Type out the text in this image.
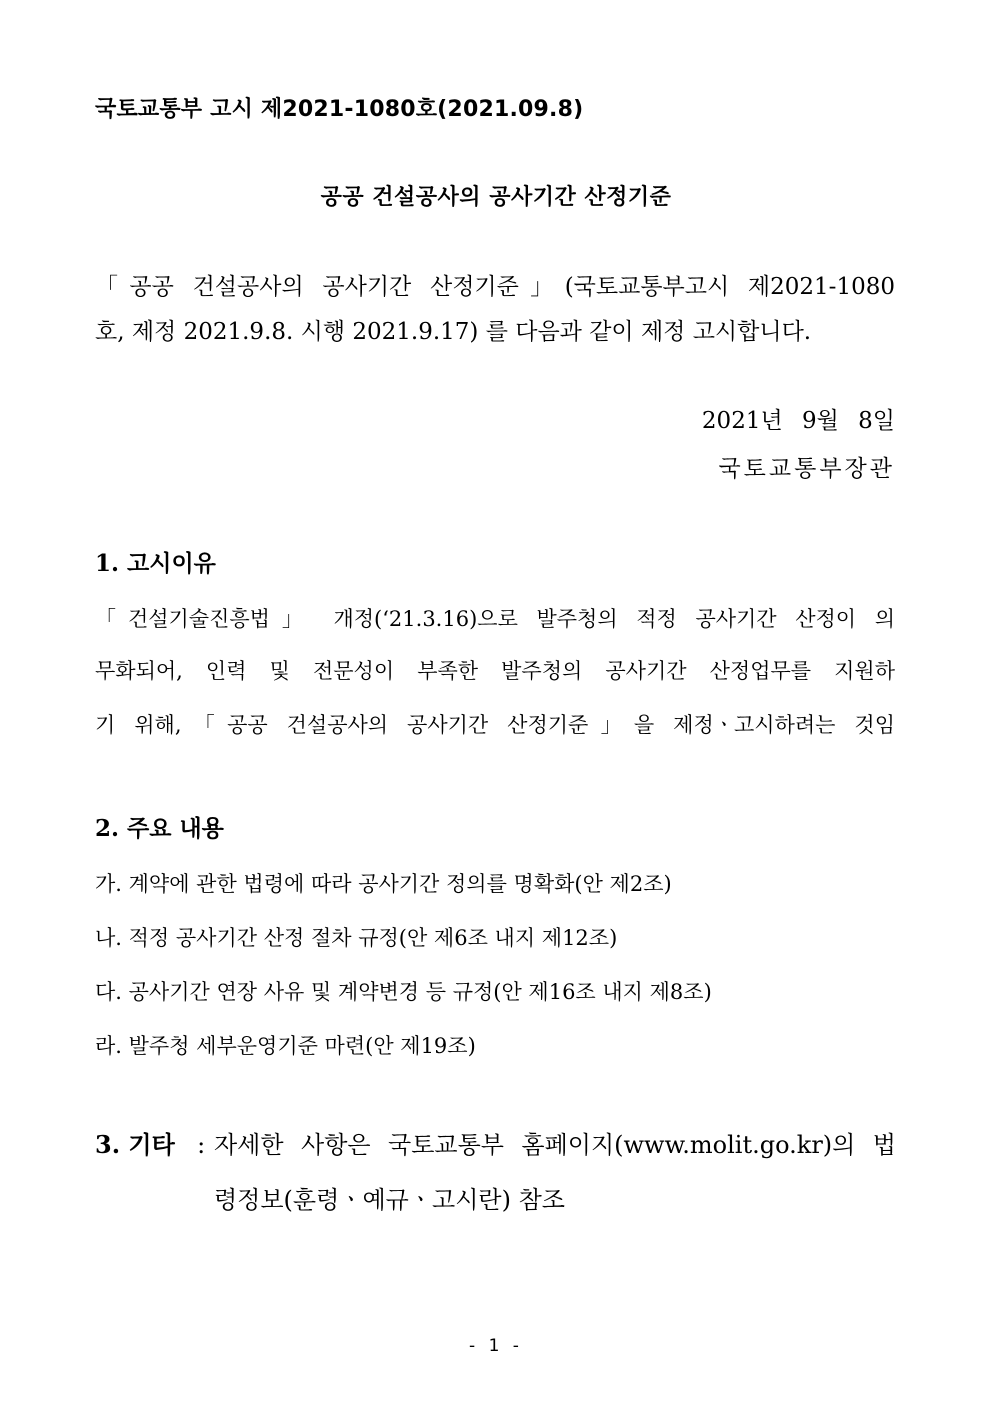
국토교통부 고시 제2021-1080호(2021.09.8)
공공 건설공사의 공사기간 산정기준
「공공 건설공사의 공사기간 산정기준」(국토교통부고시 제2021-1080
호, 제정 2021.9.8. 시행 2021.9.17) 를 다음과 같이 제정 고시합니다.
2021년 9월 8일
국토교통부장관
1. 고시이유
「건설기술진흥법」 개정(‘21.3.16)으로 발주청의 적정 공사기간 산정이 의
무화되어, 인력 및 전문성이 부족한 발주청의 공사기간 산정업무를 지원하
기 위해,「공공 건설공사의 공사기간 산정기준」을 제정ㆍ고시하려는 것임
2. 주요 내용
가. 계약에 관한 법령에 따라 공사기간 정의를 명확화(안 제2조)
나. 적정 공사기간 산정 절차 규정(안 제6조 내지 제12조)
다. 공사기간 연장 사유 및 계약변경 등 규정(안 제16조 내지 제8조)
라. 발주청 세부운영기준 마련(안 제19조)
3. 기타 : 자세한 사항은 국토교통부 홈페이지(www.molit.go.kr)의 법
령정보(훈령ㆍ예규ㆍ고시란) 참조
- 1 -
